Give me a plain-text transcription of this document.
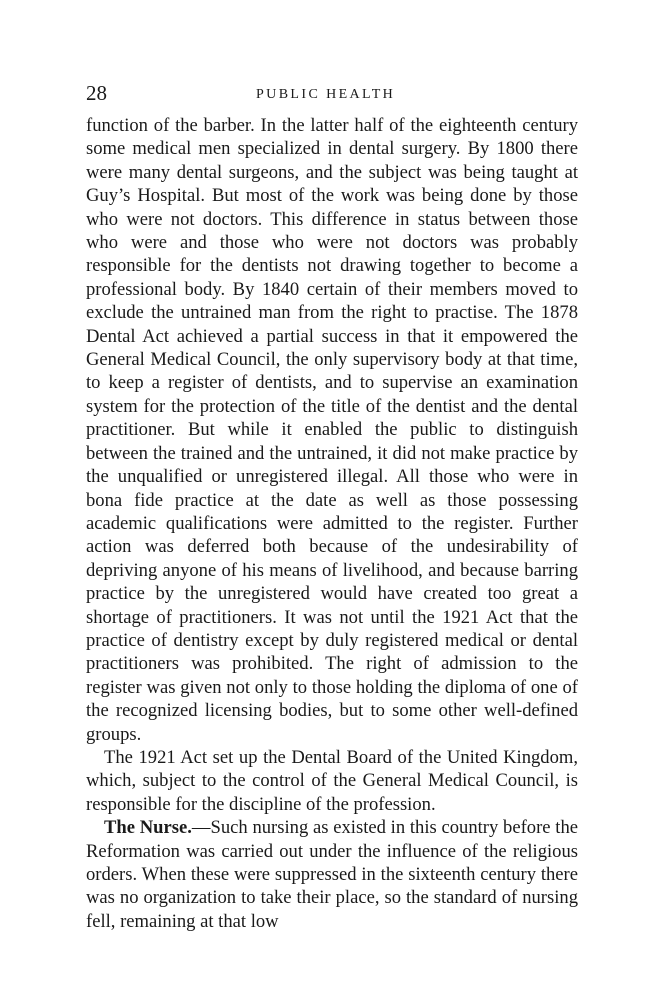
28	PUBLIC HEALTH

function of the barber. In the latter half of the eighteenth century some medical men specialized in dental surgery. By 1800 there were many dental surgeons, and the subject was being taught at Guy’s Hospital. But most of the work was being done by those who were not doctors. This difference in status between those who were and those who were not doctors was probably responsible for the dentists not drawing together to become a professional body. By 1840 certain of their members moved to exclude the untrained man from the right to practise. The 1878 Dental Act achieved a partial success in that it empowered the General Medical Council, the only supervisory body at that time, to keep a register of dentists, and to supervise an examination system for the protection of the title of the dentist and the dental practitioner. But while it enabled the public to distinguish between the trained and the untrained, it did not make practice by the unqualified or unregistered illegal. All those who were in bona fide practice at the date as well as those possessing academic qualifications were admitted to the register. Further action was deferred both because of the undesirability of depriving anyone of his means of livelihood, and because barring practice by the unregistered would have created too great a shortage of practitioners. It was not until the 1921 Act that the practice of dentistry except by duly registered medical or dental practitioners was prohibited. The right of admission to the register was given not only to those holding the diploma of one of the recognized licensing bodies, but to some other well-defined groups.

The 1921 Act set up the Dental Board of the United Kingdom, which, subject to the control of the General Medical Council, is responsible for the discipline of the profession.

The Nurse.—Such nursing as existed in this country before the Reformation was carried out under the influence of the religious orders. When these were suppressed in the sixteenth century there was no organization to take their place, so the standard of nursing fell, remaining at that low
